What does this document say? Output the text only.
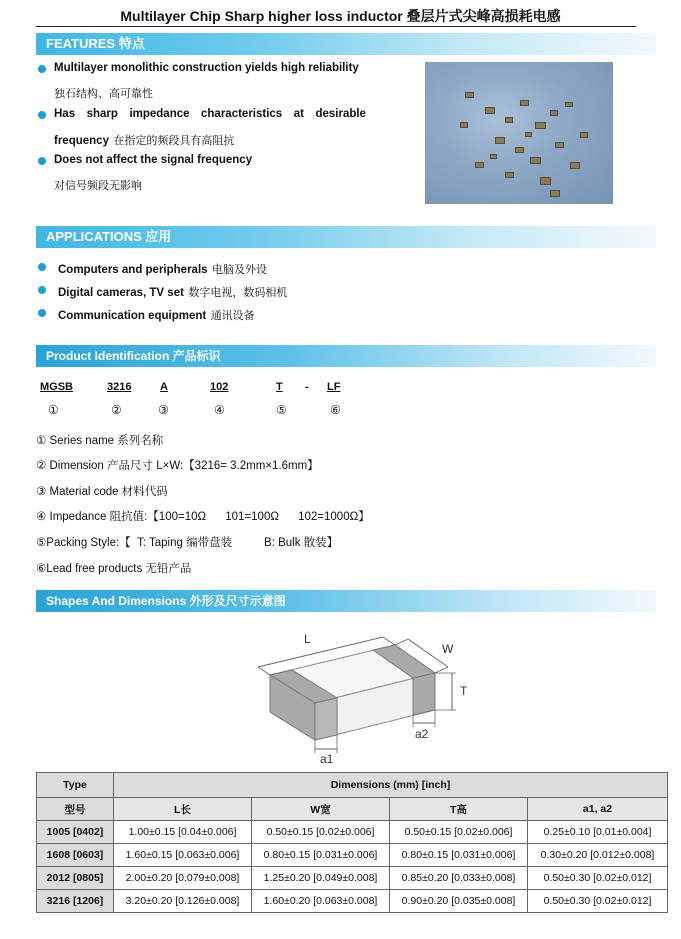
Multilayer Chip Sharp higher loss inductor 叠层片式尖峰高损耗电感
FEATURES 特点
Multilayer monolithic construction yields high reliability
独石结构、高可靠性
Has sharp impedance characteristics at desirable
frequency 在指定的频段具有高阻抗
Does not affect the signal frequency
对信号频段无影响
APPLICATIONS 应用
Computers and peripherals 电脑及外设
Digital cameras, TV set 数字电视，数码相机
Communication equipment 通讯设备
Product Identification 产品标识
MGSB	3216	A	102	T - LF
①	②	③	④	⑤	⑥
① Series name 系列名称
② Dimension 产品尺寸 L×W:【3216= 3.2mm×1.6mm】
③ Material code 材料代码
④ Impedance 阻抗值:【100=10Ω      101=100Ω      102=1000Ω】
⑤Packing Style:【  T: Taping 编带盘装          B: Bulk 散装】
⑥Lead free products 无铅产品
Shapes And Dimensions 外形及尺寸示意图
L
W
T
a1
a2
Type	Dimensions (mm) [inch]			
型号	L长	W宽	T高	a1, a2
1005 [0402]	1.00±0.15 [0.04±0.006]	0.50±0.15 [0.02±0.006]	0.50±0.15 [0.02±0.006]	0.25±0.10 [0.01±0.004]
1608 [0603]	1.60±0.15 [0.063±0.006]	0.80±0.15 [0.031±0.006]	0.80±0.15 [0.031±0.006]	0.30±0.20 [0.012±0.008]
2012 [0805]	2.00±0.20 [0.079±0.008]	1.25±0.20 [0.049±0.008]	0.85±0.20 [0.033±0.008]	0.50±0.30 [0.02±0.012]
3216 [1206]	3.20±0.20 [0.126±0.008]	1.60±0.20 [0.063±0.008]	0.90±0.20 [0.035±0.008]	0.50±0.30 [0.02±0.012]
